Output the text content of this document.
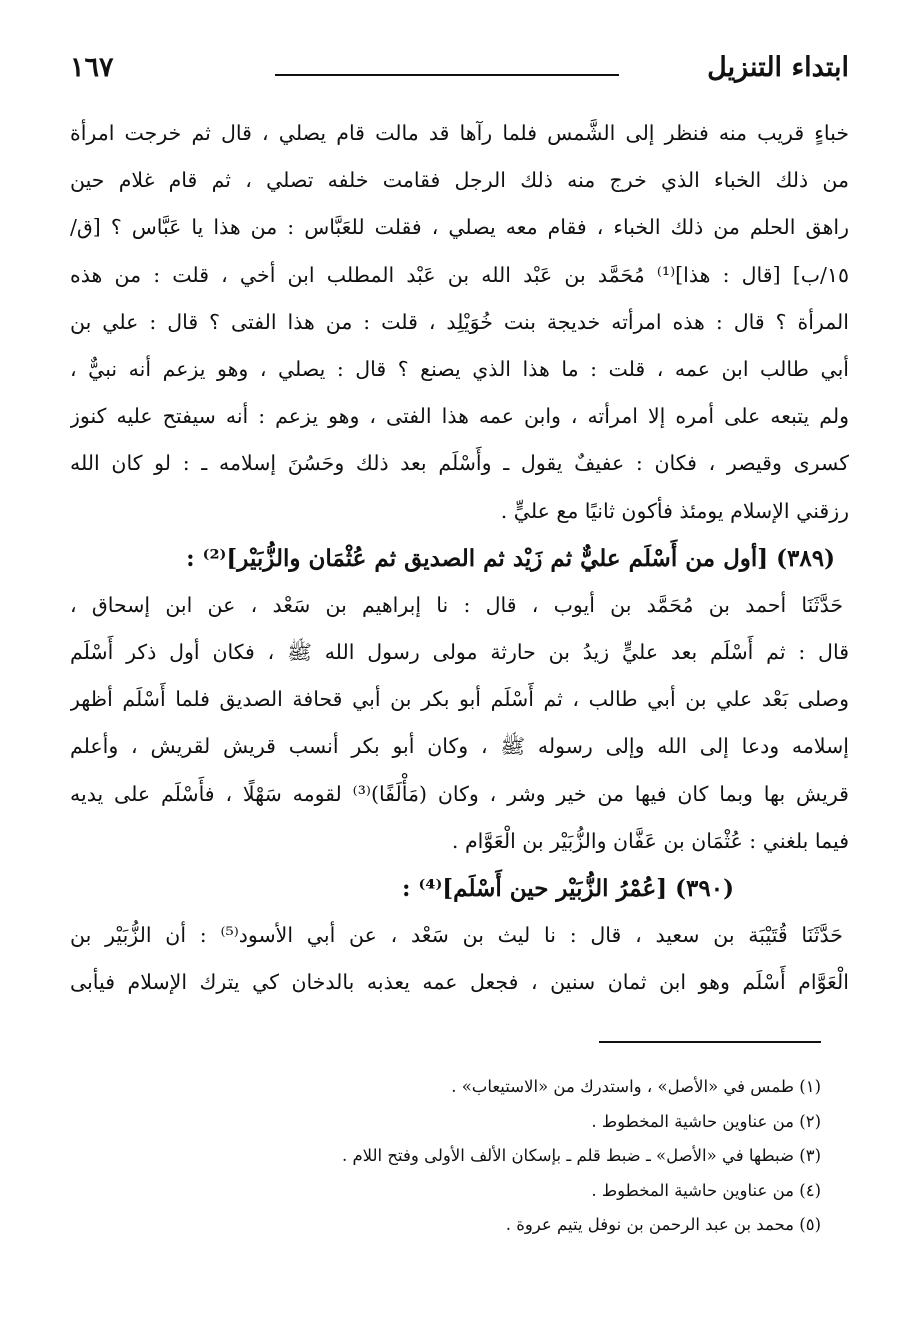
ابتداء التنزيل
١٦٧
خباءٍ قريب منه فنظر إلى الشَّمس فلما رآها قد مالت قام يصلي ، قال ثم خرجت امرأة
من ذلك الخباء الذي خرج منه ذلك الرجل فقامت خلفه تصلي ، ثم قام غلام حين
راهق الحلم من ذلك الخباء ، فقام معه يصلي ، فقلت للعَبَّاس : من هذا يا عَبَّاس ؟ [ق/
١٥/ب] [قال : هذا]⁽¹⁾ مُحَمَّد بن عَبْد الله بن عَبْد المطلب ابن أخي ، قلت : من هذه
المرأة ؟ قال : هذه امرأته خديجة بنت خُوَيْلِد ، قلت : من هذا الفتى ؟ قال : علي بن
أبي طالب ابن عمه ، قلت : ما هذا الذي يصنع ؟ قال : يصلي ، وهو يزعم أنه نبيٌّ ،
ولم يتبعه على أمره إلا امرأته ، وابن عمه هذا الفتى ، وهو يزعم : أنه سيفتح عليه كنوز
كسرى وقيصر ، فكان : عفيفٌ يقول ـ وأَسْلَم بعد ذلك وحَسُنَ إسلامه ـ : لو كان الله
رزقني الإسلام يومئذ فأكون ثانيًا مع عليٍّ .
(٣٨٩) [أول من أَسْلَم عليٌّ ثم زَيْد ثم الصديق ثم عُثْمَان والزُّبَيْر]⁽²⁾ :
حَدَّثَنَا أحمد بن مُحَمَّد بن أيوب ، قال : نا إبراهيم بن سَعْد ، عن ابن إسحاق ،
قال : ثم أَسْلَم بعد عليٍّ زيدُ بن حارثة مولى رسول الله ﷺ ، فكان أول ذكر أَسْلَم
وصلى بَعْد علي بن أبي طالب ، ثم أَسْلَم أبو بكر بن أبي قحافة الصديق فلما أَسْلَم أظهر
إسلامه ودعا إلى الله وإلى رسوله ﷺ ، وكان أبو بكر أنسب قريش لقريش ، وأعلم
قريش بها وبما كان فيها من خير وشر ، وكان (مَأْلَفًا)⁽³⁾ لقومه سَهْلًا ، فأَسْلَم على يديه
فيما بلغني : عُثْمَان بن عَفَّان والزُّبَيْر بن الْعَوَّام .
(٣٩٠) [عُمْرُ الزُّبَيْر حين أَسْلَم]⁽⁴⁾ :
حَدَّثَنَا قُتَيْبَة بن سعيد ، قال : نا ليث بن سَعْد ، عن أبي الأسود⁽⁵⁾ : أن الزُّبَيْر بن
الْعَوَّام أَسْلَم وهو ابن ثمان سنين ، فجعل عمه يعذبه بالدخان كي يترك الإسلام فيأبى
(١) طمس في «الأصل» ، واستدرك من «الاستيعاب» .
(٢) من عناوين حاشية المخطوط .
(٣) ضبطها في «الأصل» ـ ضبط قلم ـ بإسكان الألف الأولى وفتح اللام .
(٤) من عناوين حاشية المخطوط .
(٥) محمد بن عبد الرحمن بن نوفل يتيم عروة .
